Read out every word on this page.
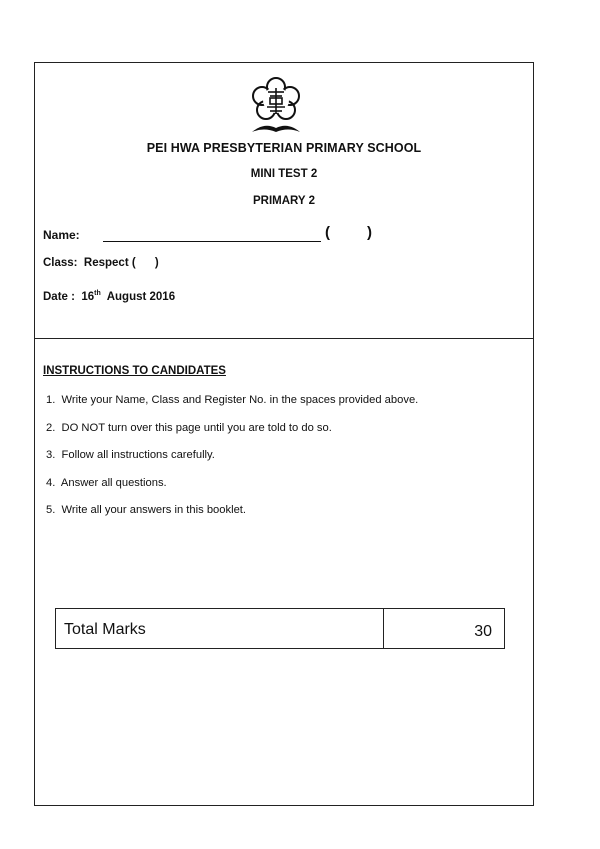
PEI HWA PRESBYTERIAN PRIMARY SCHOOL
MINI TEST 2
PRIMARY 2
Name:	( )
Class:  Respect (      )
Date :  16th  August 2016
INSTRUCTIONS TO CANDIDATES
1.  Write your Name, Class and Register No. in the spaces provided above.
2.  DO NOT turn over this page until you are told to do so.
3.  Follow all instructions carefully.
4.  Answer all questions.
5.  Write all your answers in this booklet.
Total Marks	30
